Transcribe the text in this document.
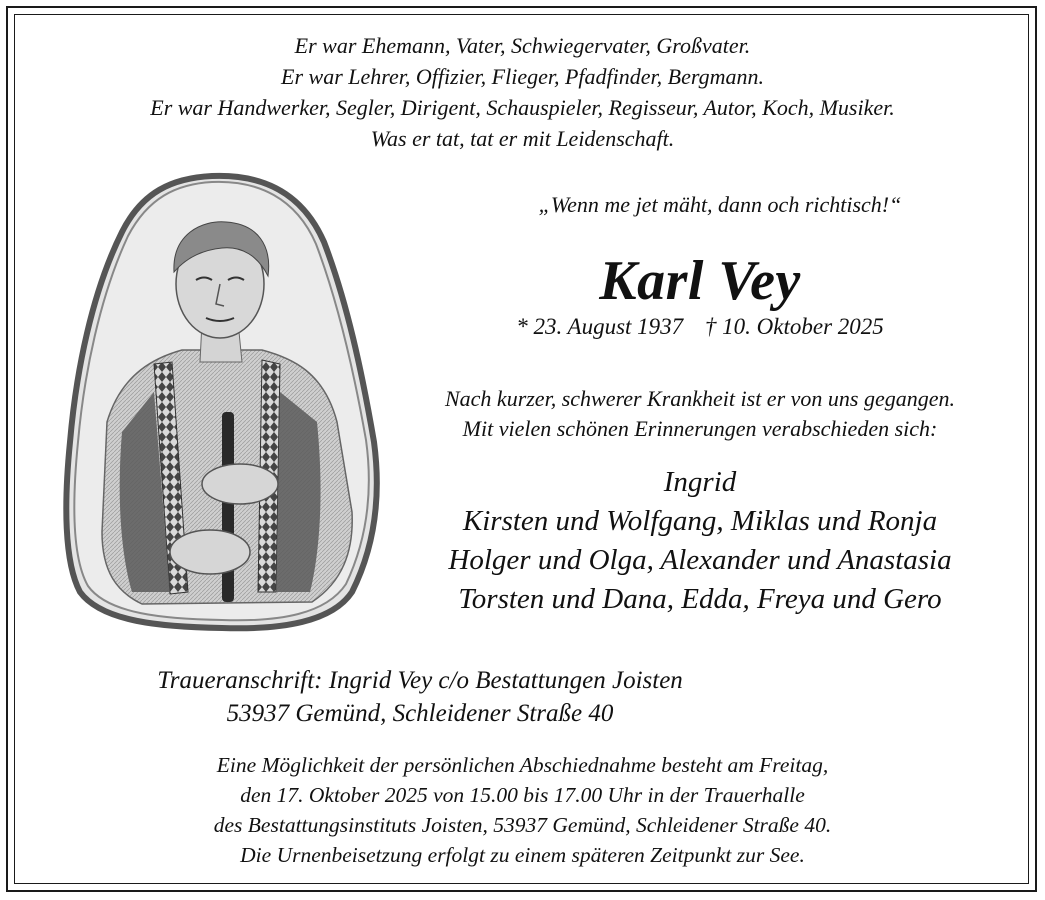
Er war Ehemann, Vater, Schwiegervater, Großvater.
Er war Lehrer, Offizier, Flieger, Pfadfinder, Bergmann.
Er war Handwerker, Segler, Dirigent, Schauspieler, Regisseur, Autor, Koch, Musiker.
Was er tat, tat er mit Leidenschaft.
„Wenn me jet mäht, dann och richtisch!“
Karl Vey
* 23. August 1937 † 10. Oktober 2025
Nach kurzer, schwerer Krankheit ist er von uns gegangen.
Mit vielen schönen Erinnerungen verabschieden sich:
Ingrid
Kirsten und Wolfgang, Miklas und Ronja
Holger und Olga, Alexander und Anastasia
Torsten und Dana, Edda, Freya und Gero
Traueranschrift: Ingrid Vey c/o Bestattungen Joisten
53937 Gemünd, Schleidener Straße 40
Eine Möglichkeit der persönlichen Abschiednahme besteht am Freitag,
den 17. Oktober 2025 von 15.00 bis 17.00 Uhr in der Trauerhalle
des Bestattungsinstituts Joisten, 53937 Gemünd, Schleidener Straße 40.
Die Urnenbeisetzung erfolgt zu einem späteren Zeitpunkt zur See.
